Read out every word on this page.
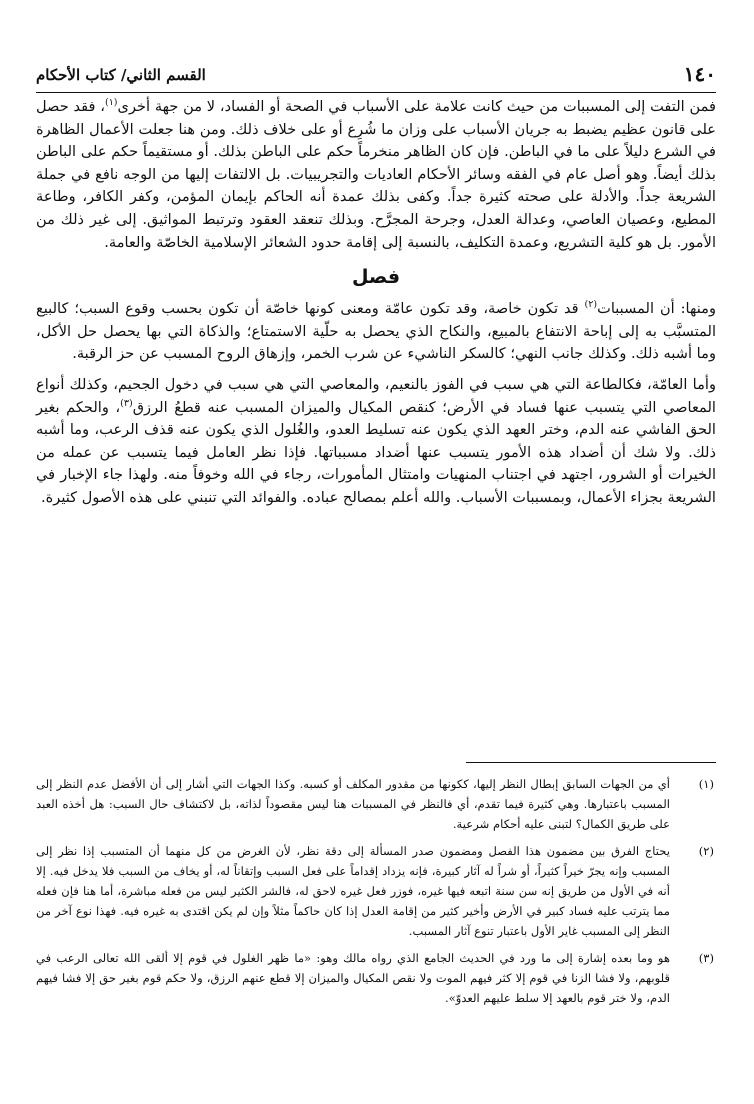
١٤٠
القسم الثاني/ كتاب الأحكام

فمن التفت إلى المسببات من حيث كانت علامة على الأسباب في الصحة أو الفساد، لا من جهة أخرى$^{(١)}$، فقد حصل على قانون عظيم يضبط به جريان الأسباب على وزان ما شُرِع أو على خلاف ذلك. ومن هنا جعلت الأعمال الظاهرة في الشرع دليلاً على ما في الباطن. فإن كان الظاهر منخرماً حكم على الباطن بذلك. أو مستقيماً حكم على الباطن بذلك أيضاً. وهو أصل عام في الفقه وسائر الأحكام العاديات والتجريبيات. بل الالتفات إليها من الوجه نافع في جملة الشريعة جداً. والأدلة على صحته كثيرة جداً. وكفى بذلك عمدة أنه الحاكم بإيمان المؤمن، وكفر الكافر، وطاعة المطيع، وعصيان العاصي، وعدالة العدل، وجرحة المجرَّح. وبذلك تنعقد العقود وترتبط المواثيق. إلى غير ذلك من الأمور. بل هو كلية التشريع، وعمدة التكليف، بالنسبة إلى إقامة حدود الشعائر الإسلامية الخاصّة والعامة.

فصل

ومنها: أن المسببات$^{(٢)}$ قد تكون خاصة، وقد تكون عامّة ومعنى كونها خاصّة أن تكون بحسب وقوع السبب؛ كالبيع المتسبَّب به إلى إباحة الانتفاع بالمبيع، والنكاح الذي يحصل به حلّية الاستمتاع؛ والذكاة التي بها يحصل حل الأكل، وما أشبه ذلك. وكذلك جانب النهي؛ كالسكر الناشيء عن شرب الخمر، وإزهاق الروح المسبب عن حز الرقبة.

وأما العامّة، فكالطاعة التي هي سبب في الفوز بالنعيم، والمعاصي التي هي سبب في دخول الجحيم، وكذلك أنواع المعاصي التي يتسبب عنها فساد في الأرض؛ كنقص المكيال والميزان المسبب عنه قطعُ الرزق$^{(٣)}$، والحكم بغير الحق الفاشي عنه الدم، وختر العهد الذي يكون عنه تسليط العدو، والغُلول الذي يكون عنه قذف الرعب، وما أشبه ذلك. ولا شك أن أضداد هذه الأمور يتسبب عنها أضداد مسبباتها. فإذا نظر العامل فيما يتسبب عن عمله من الخيرات أو الشرور، اجتهد في اجتناب المنهيات وامتثال المأمورات، رجاء في الله وخوفاً منه. ولهذا جاء الإخبار في الشريعة بجزاء الأعمال، وبمسببات الأسباب. والله أعلم بمصالح عباده. والفوائد التي تنبني على هذه الأصول كثيرة.

(١)
أي من الجهات السابق إبطال النظر إليها، ككونها من مقدور المكلف أو كسبه. وكذا الجهات التي أشار إلى أن الأفضل عدم النظر إلى المسبب باعتبارها. وهي كثيرة فيما تقدم، أي فالنظر في المسببات هنا ليس مقصوداً لذاته، بل لاكتشاف حال السبب: هل أخذه العبد على طريق الكمال؟ لتبنى عليه أحكام شرعية.
(٢)
يحتاج الفرق بين مضمون هذا الفصل ومضمون صدر المسألة إلى دقة نظر، لأن الغرض من كل منهما أن المتسبب إذا نظر إلى المسبب وإنه يجرّ خيراً كثيراً، أو شراً له آثار كبيرة، فإنه يزداد إقداماً على فعل السبب وإتقاناً له، أو يخاف من السبب فلا يدخل فيه. إلا أنه في الأول من طريق إنه سن سنة اتبعه فيها غيره، فوزر فعل غيره لاحق له، فالشر الكثير ليس من فعله مباشرة، أما هنا فإن فعله مما يترتب عليه فساد كبير في الأرض وأخير كثير من إقامة العدل إذا كان حاكماً مثلاً وإن لم يكن اقتدى به غيره فيه. فهذا نوع آخر من النظر إلى المسبب غاير الأول باعتبار تنوع آثار المسبب.
(٣)
هو وما بعده إشارة إلى ما ورد في الحديث الجامع الذي رواه مالك وهو: «ما ظهر الغلول في قوم إلا ألقى الله تعالى الرعب في قلوبهم، ولا فشا الزنا في قوم إلا كثر فيهم الموت ولا نقص المكيال والميزان إلا قطع عنهم الرزق، ولا حكم قوم بغير حق إلا فشا فيهم الدم، ولا ختر قوم بالعهد إلا سلط عليهم العدوّ».
